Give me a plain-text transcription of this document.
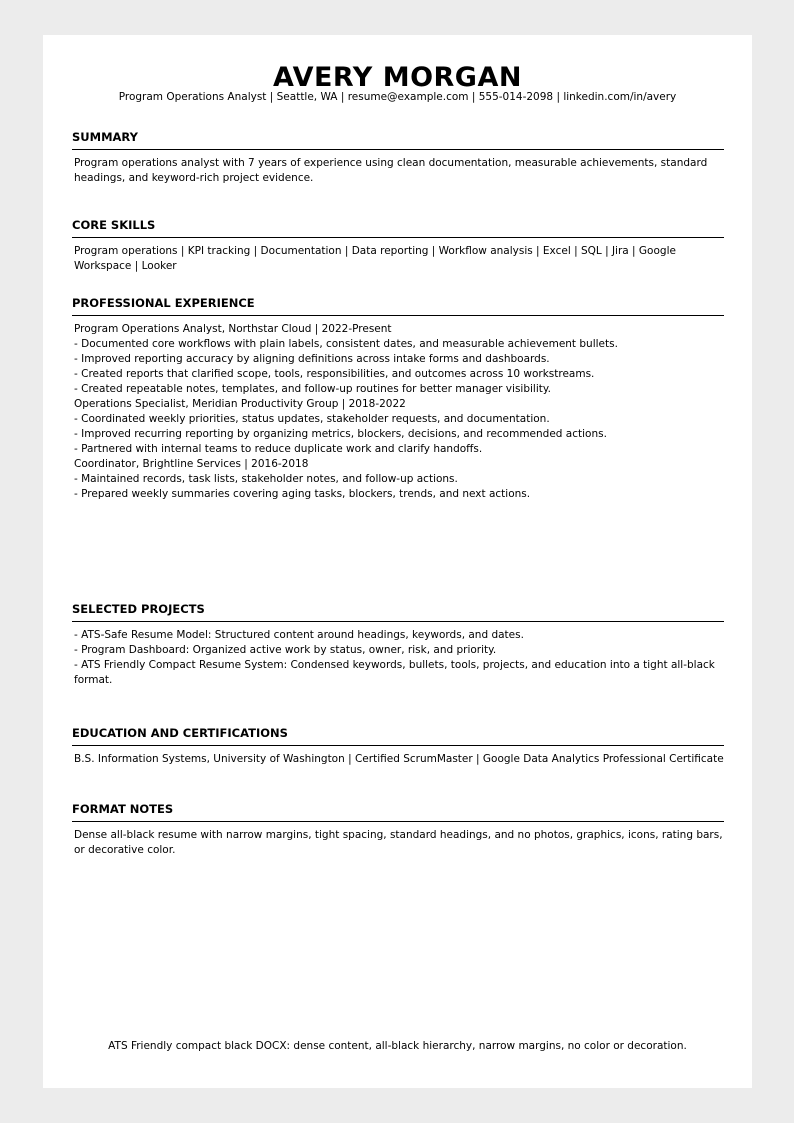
AVERY MORGAN
Program Operations Analyst | Seattle, WA | resume@example.com | 555-014-2098 | linkedin.com/in/avery
SUMMARY
Program operations analyst with 7 years of experience using clean documentation, measurable achievements, standard headings, and keyword-rich project evidence.
CORE SKILLS
Program operations | KPI tracking | Documentation | Data reporting | Workflow analysis | Excel | SQL | Jira | Google Workspace | Looker
PROFESSIONAL EXPERIENCE
Program Operations Analyst, Northstar Cloud | 2022-Present
- Documented core workflows with plain labels, consistent dates, and measurable achievement bullets.
- Improved reporting accuracy by aligning definitions across intake forms and dashboards.
- Created reports that clarified scope, tools, responsibilities, and outcomes across 10 workstreams.
- Created repeatable notes, templates, and follow-up routines for better manager visibility.
Operations Specialist, Meridian Productivity Group | 2018-2022
- Coordinated weekly priorities, status updates, stakeholder requests, and documentation.
- Improved recurring reporting by organizing metrics, blockers, decisions, and recommended actions.
- Partnered with internal teams to reduce duplicate work and clarify handoffs.
Coordinator, Brightline Services | 2016-2018
- Maintained records, task lists, stakeholder notes, and follow-up actions.
- Prepared weekly summaries covering aging tasks, blockers, trends, and next actions.
SELECTED PROJECTS
- ATS-Safe Resume Model: Structured content around headings, keywords, and dates.
- Program Dashboard: Organized active work by status, owner, risk, and priority.
- ATS Friendly Compact Resume System: Condensed keywords, bullets, tools, projects, and education into a tight all-black format.
EDUCATION AND CERTIFICATIONS
B.S. Information Systems, University of Washington | Certified ScrumMaster | Google Data Analytics Professional Certificate
FORMAT NOTES
Dense all-black resume with narrow margins, tight spacing, standard headings, and no photos, graphics, icons, rating bars, or decorative color.
ATS Friendly compact black DOCX: dense content, all-black hierarchy, narrow margins, no color or decoration.
